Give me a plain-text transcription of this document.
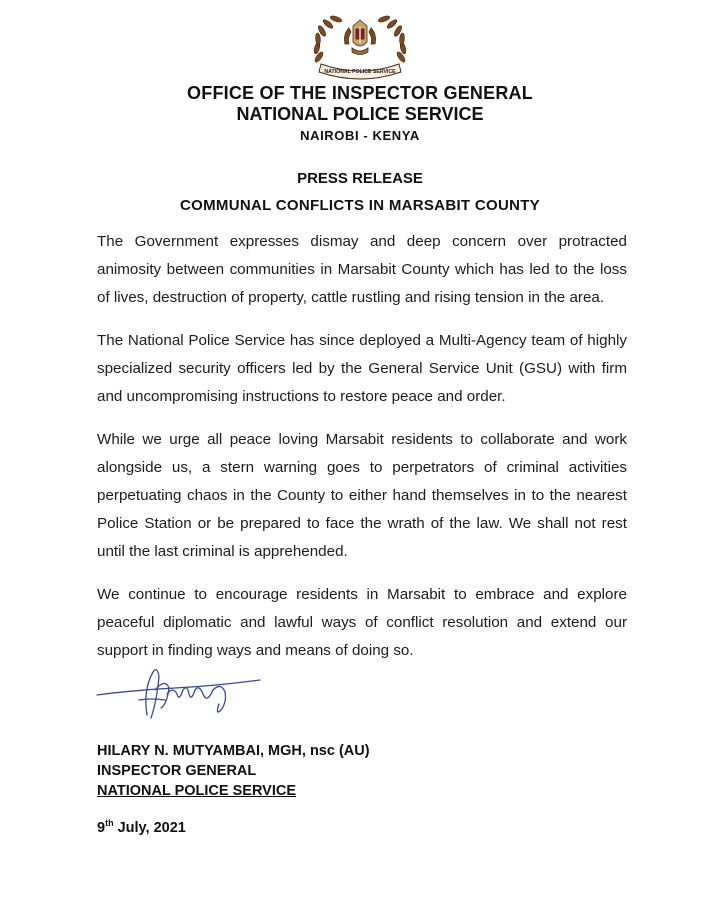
NATIONAL POLICE SERVICE
OFFICE OF THE INSPECTOR GENERAL
NATIONAL POLICE SERVICE
NAIROBI - KENYA
PRESS RELEASE
COMMUNAL CONFLICTS IN MARSABIT COUNTY

The Government expresses dismay and deep concern over protracted animosity between communities in Marsabit County which has led to the loss of lives, destruction of property, cattle rustling and rising tension in the area.

The National Police Service has since deployed a Multi-Agency team of highly specialized security officers led by the General Service Unit (GSU) with firm and uncompromising instructions to restore peace and order.

While we urge all peace loving Marsabit residents to collaborate and work alongside us, a stern warning goes to perpetrators of criminal activities perpetuating chaos in the County to either hand themselves in to the nearest Police Station or be prepared to face the wrath of the law. We shall not rest until the last criminal is apprehended.

We continue to encourage residents in Marsabit to embrace and explore peaceful diplomatic and lawful ways of conflict resolution and extend our support in finding ways and means of doing so.

HILARY N. MUTYAMBAI, MGH, nsc (AU)
INSPECTOR GENERAL
NATIONAL POLICE SERVICE
9th July, 2021
